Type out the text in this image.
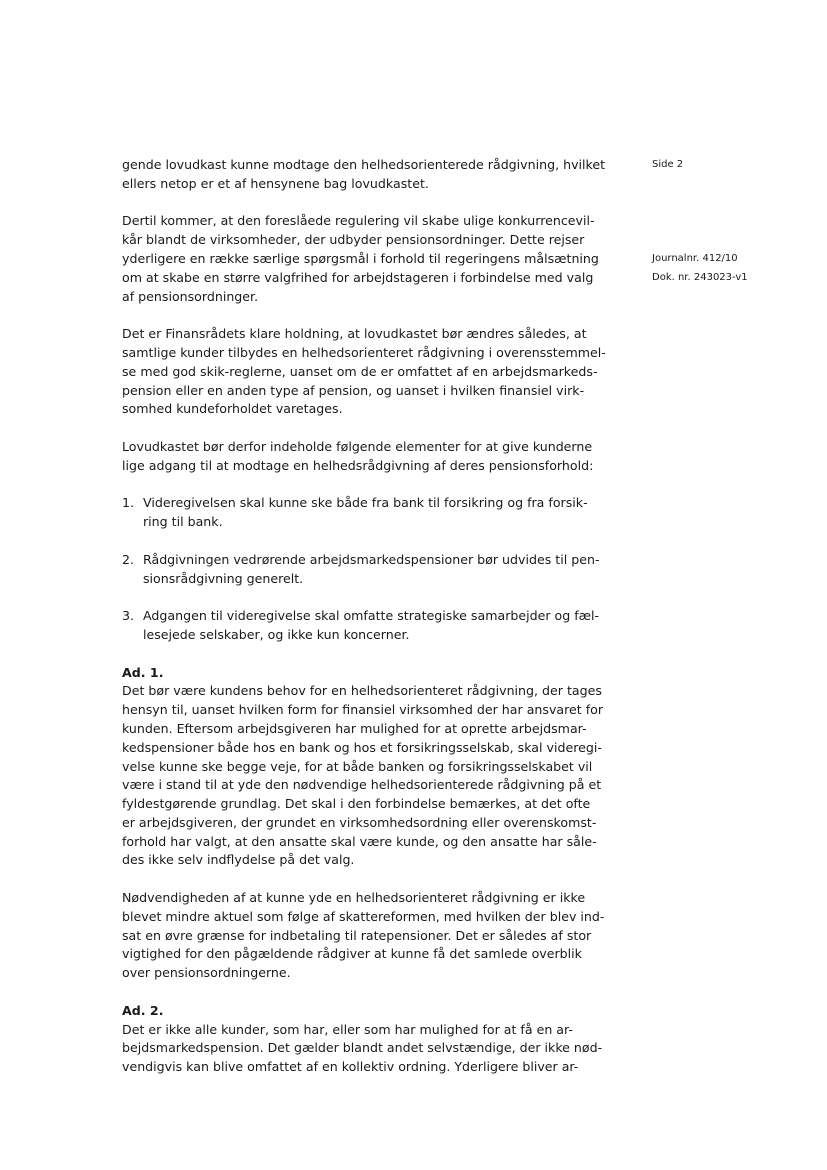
Side 2
Journalnr. 412/10
Dok. nr. 243023-v1

gende lovudkast kunne modtage den helhedsorienterede rådgivning, hvilket
ellers netop er et af hensynene bag lovudkastet.

Dertil kommer, at den foreslåede regulering vil skabe ulige konkurrencevil-
kår blandt de virksomheder, der udbyder pensionsordninger. Dette rejser
yderligere en række særlige spørgsmål i forhold til regeringens målsætning
om at skabe en større valgfrihed for arbejdstageren i forbindelse med valg
af pensionsordninger.

Det er Finansrådets klare holdning, at lovudkastet bør ændres således, at
samtlige kunder tilbydes en helhedsorienteret rådgivning i overensstemmel-
se med god skik-reglerne, uanset om de er omfattet af en arbejdsmarkeds-
pension eller en anden type af pension, og uanset i hvilken finansiel virk-
somhed kundeforholdet varetages.

Lovudkastet bør derfor indeholde følgende elementer for at give kunderne
lige adgang til at modtage en helhedsrådgivning af deres pensionsforhold:

1. Videregivelsen skal kunne ske både fra bank til forsikring og fra forsik-
ring til bank.
2. Rådgivningen vedrørende arbejdsmarkedspensioner bør udvides til pen-
sionsrådgivning generelt.
3. Adgangen til videregivelse skal omfatte strategiske samarbejder og fæl-
lesejede selskaber, og ikke kun koncerner.
Ad. 1.

Det bør være kundens behov for en helhedsorienteret rådgivning, der tages
hensyn til, uanset hvilken form for finansiel virksomhed der har ansvaret for
kunden. Eftersom arbejdsgiveren har mulighed for at oprette arbejdsmar-
kedspensioner både hos en bank og hos et forsikringsselskab, skal videregi-
velse kunne ske begge veje, for at både banken og forsikringsselskabet vil
være i stand til at yde den nødvendige helhedsorienterede rådgivning på et
fyldestgørende grundlag. Det skal i den forbindelse bemærkes, at det ofte
er arbejdsgiveren, der grundet en virksomhedsordning eller overenskomst-
forhold har valgt, at den ansatte skal være kunde, og den ansatte har såle-
des ikke selv indflydelse på det valg.

Nødvendigheden af at kunne yde en helhedsorienteret rådgivning er ikke
blevet mindre aktuel som følge af skattereformen, med hvilken der blev ind-
sat en øvre grænse for indbetaling til ratepensioner. Det er således af stor
vigtighed for den pågældende rådgiver at kunne få det samlede overblik
over pensionsordningerne.

Ad. 2.

Det er ikke alle kunder, som har, eller som har mulighed for at få en ar-
bejdsmarkedspension. Det gælder blandt andet selvstændige, der ikke nød-
vendigvis kan blive omfattet af en kollektiv ordning. Yderligere bliver ar-
